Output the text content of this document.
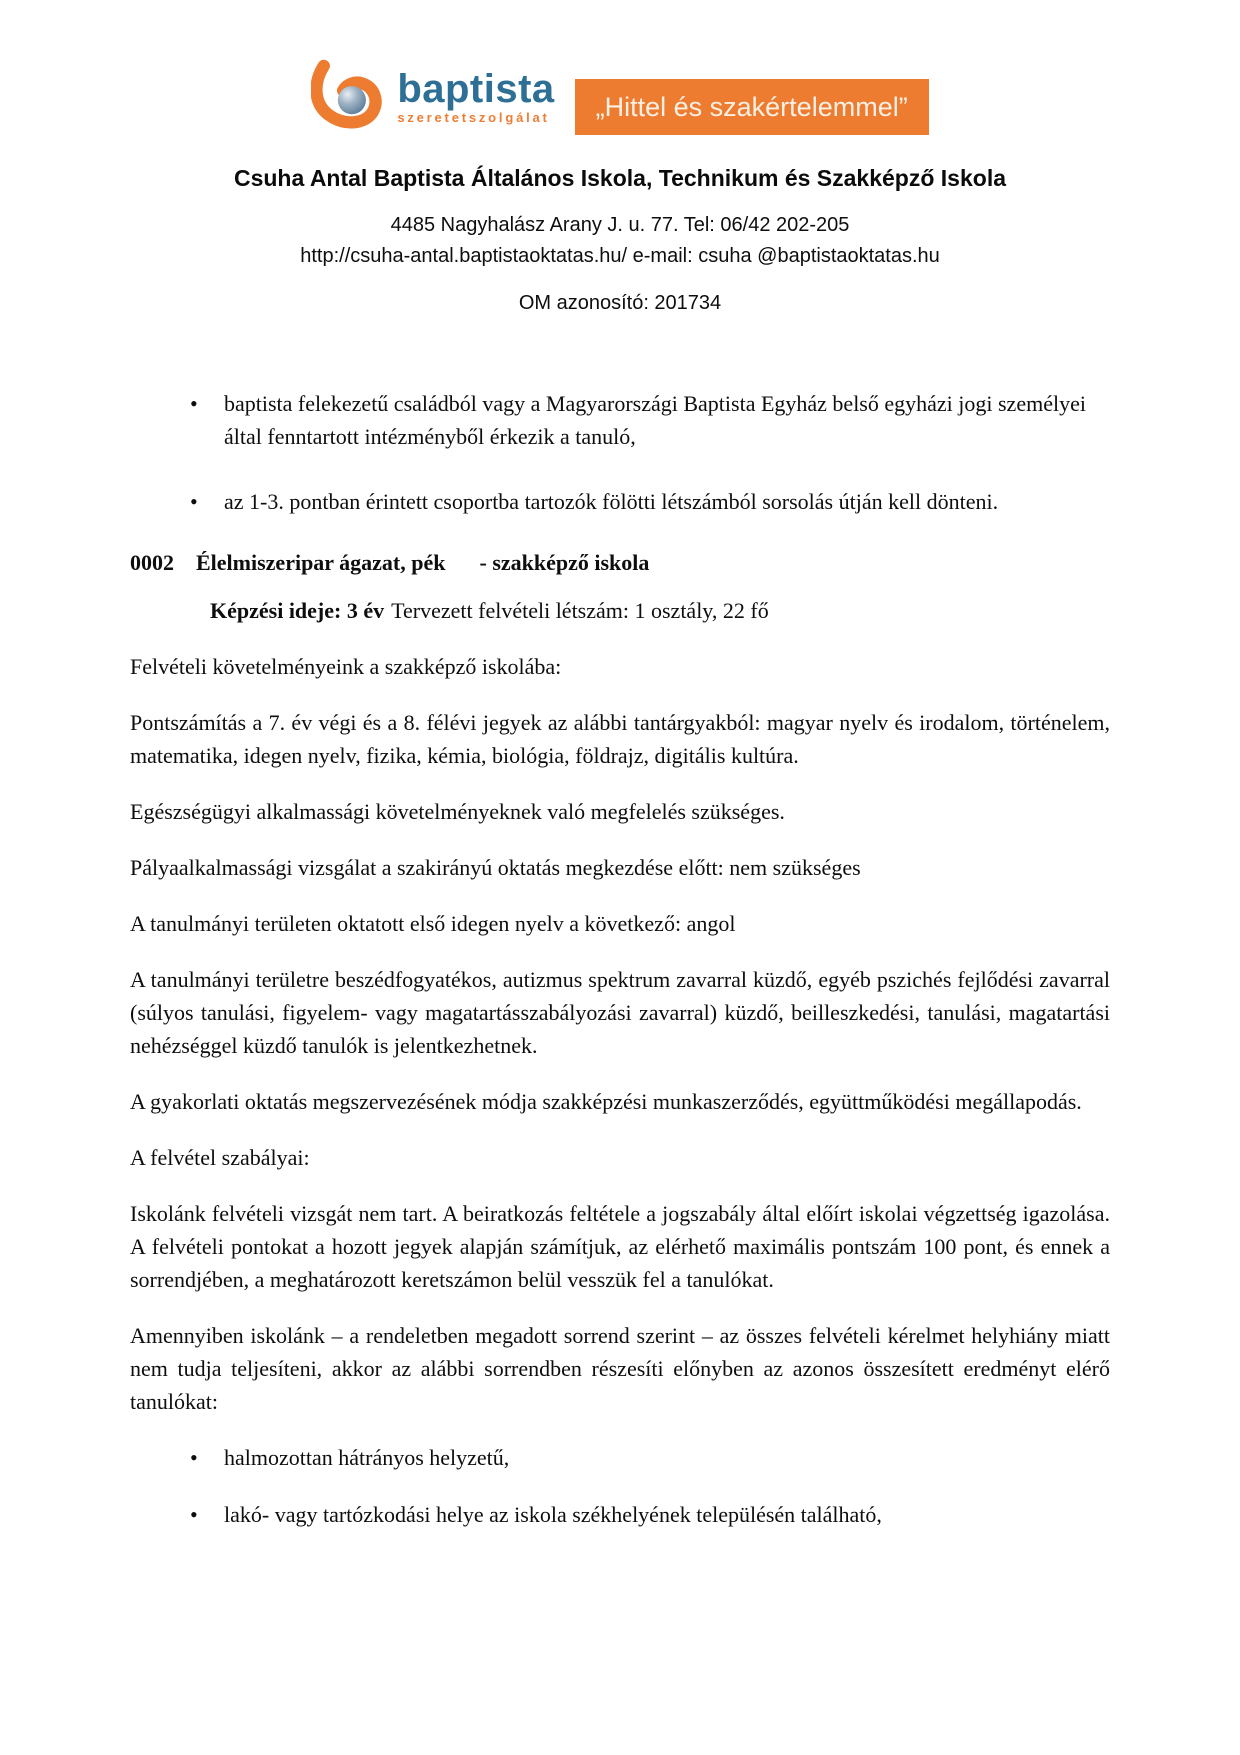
baptista
szeretetszolgálat „Hittel és szakértelemmel”
Csuha Antal Baptista Általános Iskola, Technikum és Szakképző Iskola
4485 Nagyhalász Arany J. u. 77. Tel: 06/42 202-205
http://csuha-antal.baptistaoktatas.hu/ e-mail: csuha @baptistaoktatas.hu
OM azonosító: 201734
• baptista felekezetű családból vagy a Magyarországi Baptista Egyház belső egyházi jogi személyei által fenntartott intézményből érkezik a tanuló,
• az 1-3. pontban érintett csoportba tartozók fölötti létszámból sorsolás útján kell dönteni.
0002 Élelmiszeripar ágazat, pék - szakképző iskola
Képzési ideje: 3 év Tervezett felvételi létszám: 1 osztály, 22 fő

Felvételi követelményeink a szakképző iskolába:

Pontszámítás a 7. év végi és a 8. félévi jegyek az alábbi tantárgyakból: magyar nyelv és irodalom, történelem, matematika, idegen nyelv, fizika, kémia, biológia, földrajz, digitális kultúra.

Egészségügyi alkalmassági követelményeknek való megfelelés szükséges.

Pályaalkalmassági vizsgálat a szakirányú oktatás megkezdése előtt: nem szükséges

A tanulmányi területen oktatott első idegen nyelv a következő: angol

A tanulmányi területre beszédfogyatékos, autizmus spektrum zavarral küzdő, egyéb pszichés fejlődési zavarral (súlyos tanulási, figyelem- vagy magatartásszabályozási zavarral) küzdő, beilleszkedési, tanulási, magatartási nehézséggel küzdő tanulók is jelentkezhetnek.

A gyakorlati oktatás megszervezésének módja szakképzési munkaszerződés, együttműködési megállapodás.

A felvétel szabályai:

Iskolánk felvételi vizsgát nem tart. A beiratkozás feltétele a jogszabály által előírt iskolai végzettség igazolása. A felvételi pontokat a hozott jegyek alapján számítjuk, az elérhető maximális pontszám 100 pont, és ennek a sorrendjében, a meghatározott keretszámon belül vesszük fel a tanulókat.

Amennyiben iskolánk – a rendeletben megadott sorrend szerint – az összes felvételi kérelmet helyhiány miatt nem tudja teljesíteni, akkor az alábbi sorrendben részesíti előnyben az azonos összesített eredményt elérő tanulókat:

• halmozottan hátrányos helyzetű,
• lakó- vagy tartózkodási helye az iskola székhelyének településén található,
